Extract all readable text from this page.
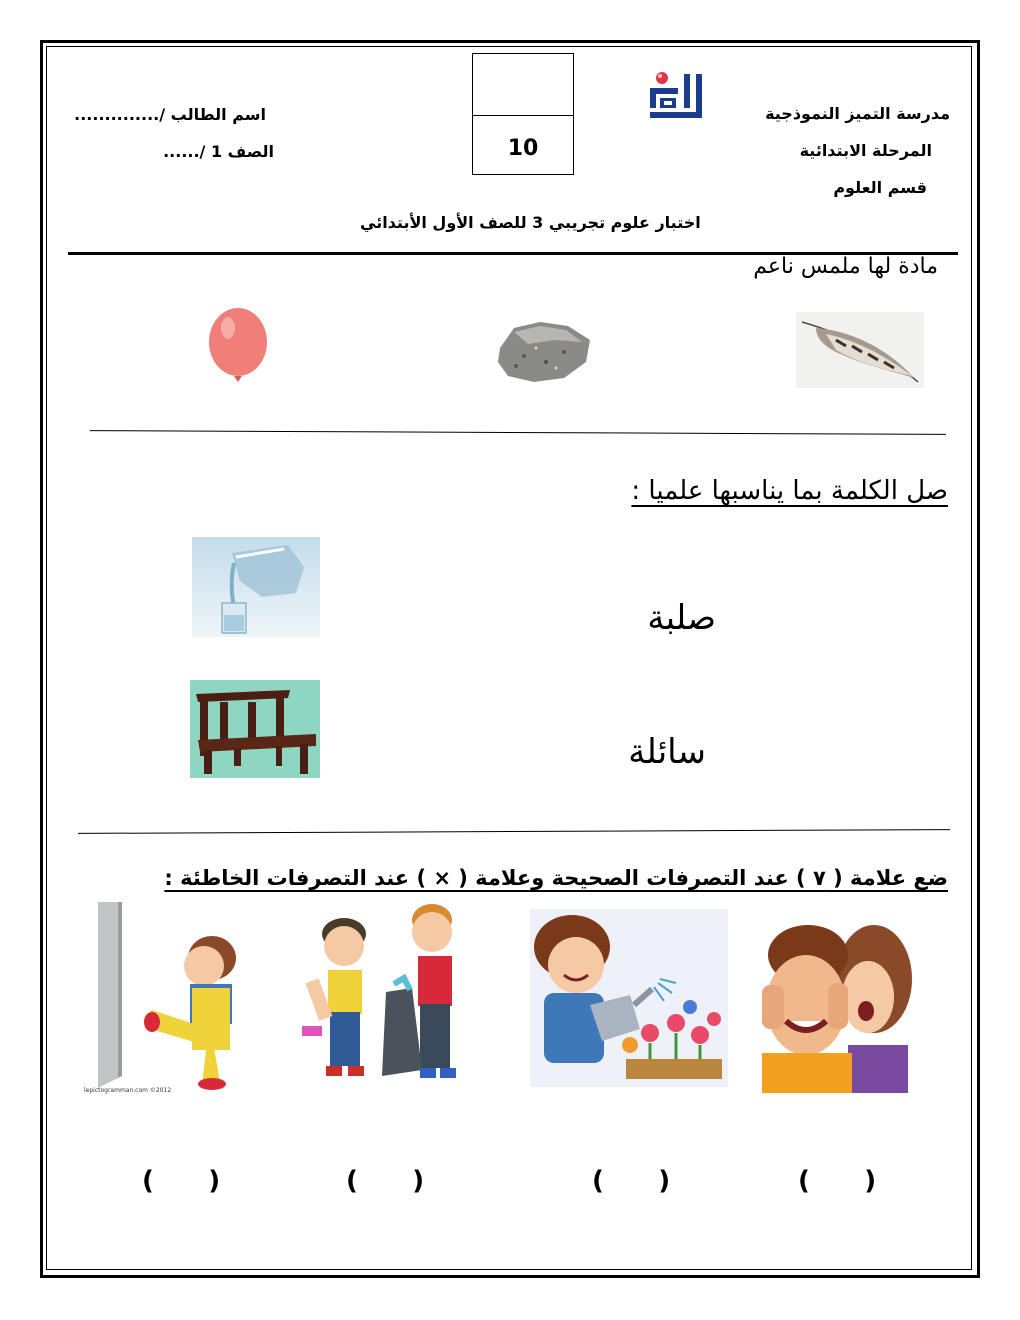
مدرسة التميز النموذجية
المرحلة الابتدائية
قسم العلوم
10
اسم الطالب /..............
الصف 1 /......
اختبار علوم تجريبي 3 للصف الأول الأبتدائي
مادة لها ملمس ناعم
صل الكلمة بما يناسبها علميا :
صلبة
سائلة
ضع علامة ( ٧ ) عند التصرفات الصحيحة وعلامة ( × ) عند التصرفات الخاطئة :
lepictogramman.com ©2012
(      )
(      )
(      )
(      )
